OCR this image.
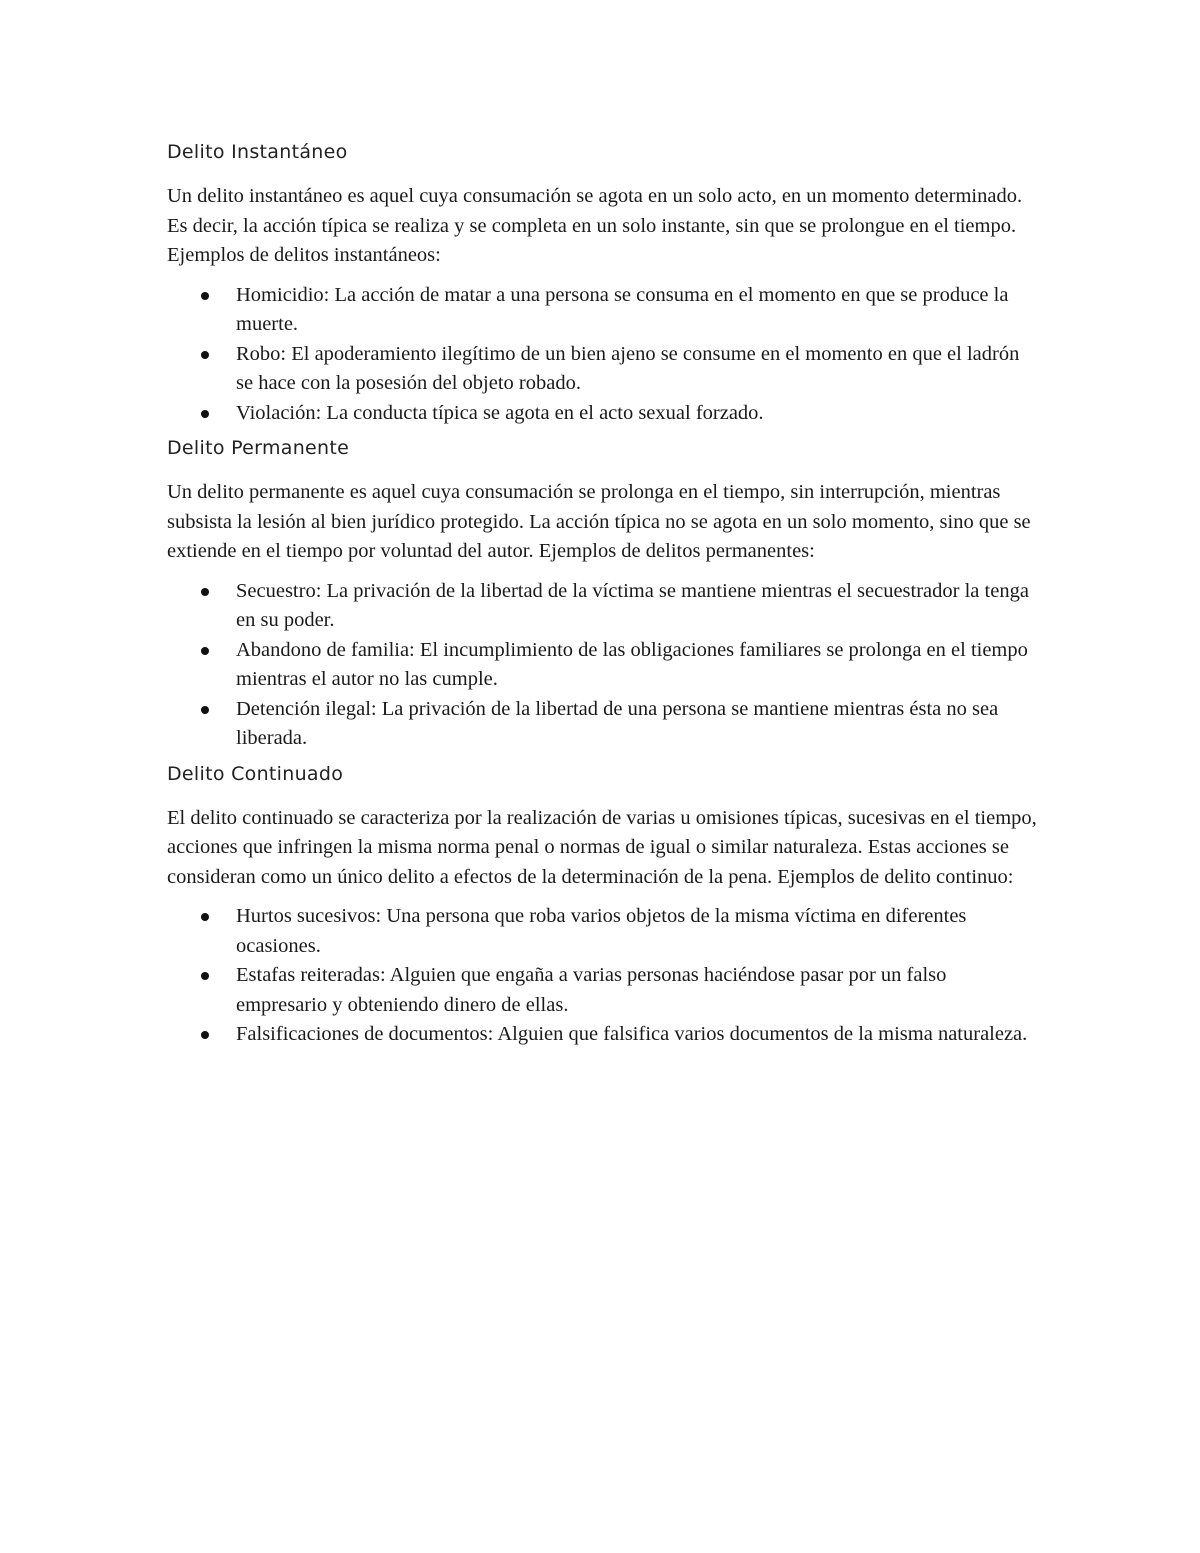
Delito Instantáneo

Un delito instantáneo es aquel cuya consumación se agota en un solo acto, en un momento determinado. Es decir, la acción típica se realiza y se completa en un solo instante, sin que se prolongue en el tiempo. Ejemplos de delitos instantáneos:

Homicidio: La acción de matar a una persona se consuma en el momento en que se produce la muerte.
Robo: El apoderamiento ilegítimo de un bien ajeno se consume en el momento en que el ladrón se hace con la posesión del objeto robado.
Violación: La conducta típica se agota en el acto sexual forzado.
Delito Permanente

Un delito permanente es aquel cuya consumación se prolonga en el tiempo, sin interrupción, mientras subsista la lesión al bien jurídico protegido. La acción típica no se agota en un solo momento, sino que se extiende en el tiempo por voluntad del autor. Ejemplos de delitos permanentes:

Secuestro: La privación de la libertad de la víctima se mantiene mientras el secuestrador la tenga en su poder.
Abandono de familia: El incumplimiento de las obligaciones familiares se prolonga en el tiempo mientras el autor no las cumple.
Detención ilegal: La privación de la libertad de una persona se mantiene mientras ésta no sea liberada.
Delito Continuado

El delito continuado se caracteriza por la realización de varias u omisiones típicas, sucesivas en el tiempo, acciones que infringen la misma norma penal o normas de igual o similar naturaleza. Estas acciones se consideran como un único delito a efectos de la determinación de la pena. Ejemplos de delito continuo:

Hurtos sucesivos: Una persona que roba varios objetos de la misma víctima en diferentes ocasiones.
Estafas reiteradas: Alguien que engaña a varias personas haciéndose pasar por un falso empresario y obteniendo dinero de ellas.
Falsificaciones de documentos: Alguien que falsifica varios documentos de la misma naturaleza.
